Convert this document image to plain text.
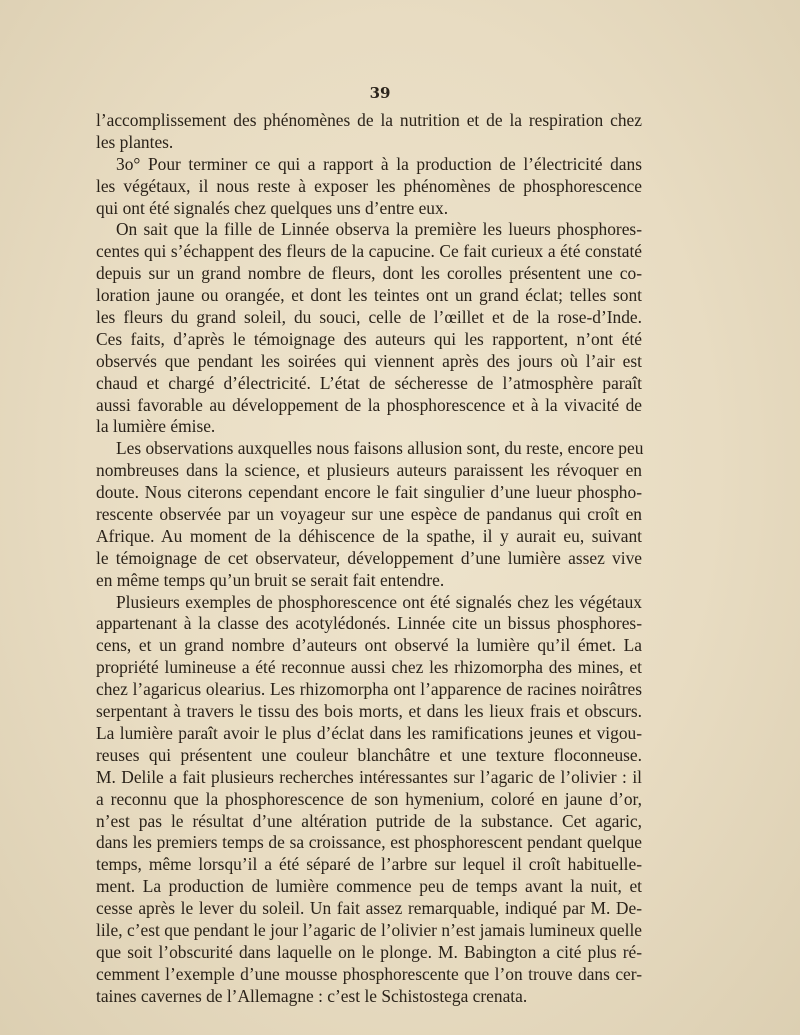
39

l’accomplissement des phénomènes de la nutrition et de la respiration chez
les plantes.
3o° Pour terminer ce qui a rapport à la production de l’électricité dans
les végétaux, il nous reste à exposer les phénomènes de phosphorescence
qui ont été signalés chez quelques uns d’entre eux.
On sait que la fille de Linnée observa la première les lueurs phosphores-
centes qui s’échappent des fleurs de la capucine. Ce fait curieux a été constaté
depuis sur un grand nombre de fleurs, dont les corolles présentent une co-
loration jaune ou orangée, et dont les teintes ont un grand éclat; telles sont
les fleurs du grand soleil, du souci, celle de l’œillet et de la rose-d’Inde.
Ces faits, d’après le témoignage des auteurs qui les rapportent, n’ont été
observés que pendant les soirées qui viennent après des jours où l’air est
chaud et chargé d’électricité. L’état de sécheresse de l’atmosphère paraît
aussi favorable au développement de la phosphorescence et à la vivacité de
la lumière émise.
Les observations auxquelles nous faisons allusion sont, du reste, encore peu
nombreuses dans la science, et plusieurs auteurs paraissent les révoquer en
doute. Nous citerons cependant encore le fait singulier d’une lueur phospho-
rescente observée par un voyageur sur une espèce de pandanus qui croît en
Afrique. Au moment de la déhiscence de la spathe, il y aurait eu, suivant
le témoignage de cet observateur, développement d’une lumière assez vive
en même temps qu’un bruit se serait fait entendre.
Plusieurs exemples de phosphorescence ont été signalés chez les végétaux
appartenant à la classe des acotylédonés. Linnée cite un bissus phosphores-
cens, et un grand nombre d’auteurs ont observé la lumière qu’il émet. La
propriété lumineuse a été reconnue aussi chez les rhizomorpha des mines, et
chez l’agaricus olearius. Les rhizomorpha ont l’apparence de racines noirâtres
serpentant à travers le tissu des bois morts, et dans les lieux frais et obscurs.
La lumière paraît avoir le plus d’éclat dans les ramifications jeunes et vigou-
reuses qui présentent une couleur blanchâtre et une texture floconneuse.
M. Delile a fait plusieurs recherches intéressantes sur l’agaric de l’olivier : il
a reconnu que la phosphorescence de son hymenium, coloré en jaune d’or,
n’est pas le résultat d’une altération putride de la substance. Cet agaric,
dans les premiers temps de sa croissance, est phosphorescent pendant quelque
temps, même lorsqu’il a été séparé de l’arbre sur lequel il croît habituelle-
ment. La production de lumière commence peu de temps avant la nuit, et
cesse après le lever du soleil. Un fait assez remarquable, indiqué par M. De-
lile, c’est que pendant le jour l’agaric de l’olivier n’est jamais lumineux quelle
que soit l’obscurité dans laquelle on le plonge. M. Babington a cité plus ré-
cemment l’exemple d’une mousse phosphorescente que l’on trouve dans cer-
taines cavernes de l’Allemagne : c’est le Schistostega crenata.
